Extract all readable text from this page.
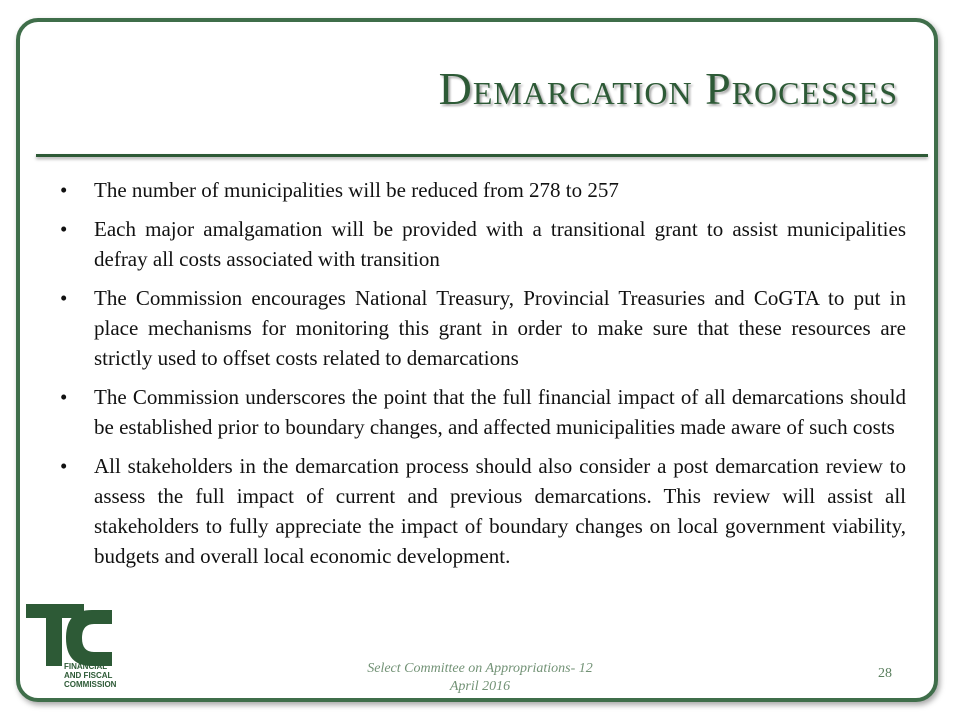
Demarcation Processes
• The number of municipalities will be reduced from 278 to 257
• Each major amalgamation will be provided with a transitional grant to assist municipalities defray all costs associated with transition
• The Commission encourages National Treasury, Provincial Treasuries and CoGTA to put in place mechanisms for monitoring this grant in order to make sure that these resources are strictly used to offset costs related to demarcations
• The Commission underscores the point that the full financial impact of all demarcations should be established prior to boundary changes, and affected municipalities made aware of such costs
• All stakeholders in the demarcation process should also consider a post demarcation review to assess the full impact of current and previous demarcations. This review will assist all stakeholders to fully appreciate the impact of boundary changes on local government viability, budgets and overall local economic development.
FINANCIAL
AND FISCAL
COMMISSION
Select Committee on Appropriations- 12
April 2016
28
